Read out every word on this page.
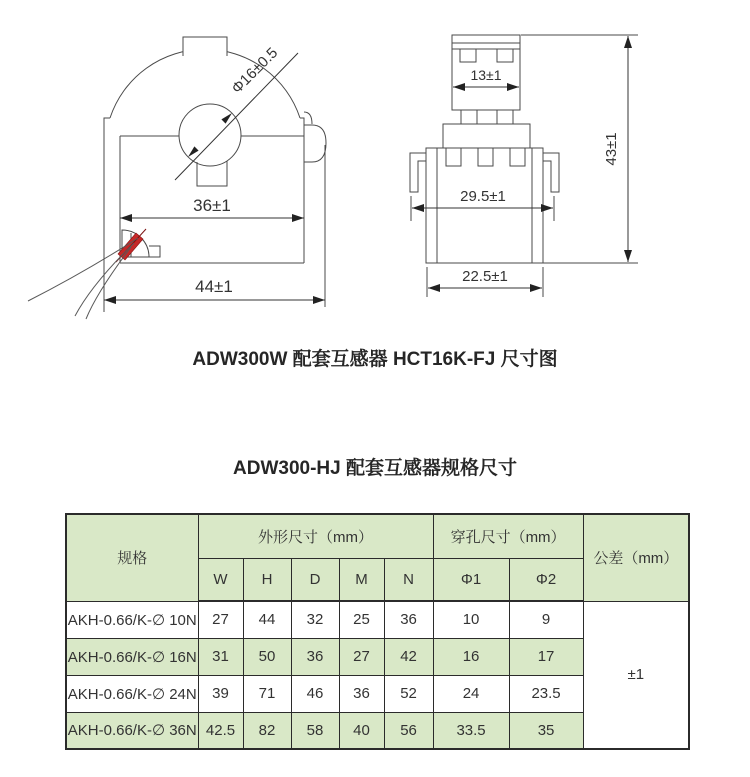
36±1
44±1
Φ16±0.5	13±1
29.5±1
22.5±1
43±1
ADW300W 配套互感器 HCT16K-FJ 尺寸图
ADW300-HJ 配套互感器规格尺寸
规格	外形尺寸（mm）					穿孔尺寸（mm）		公差（mm）
	W	H	D	M	N	Φ1	Φ2	
AKH-0.66/K-∅ 10N	27	44	32	25	36	10	9	±1
AKH-0.66/K-∅ 16N	31	50	36	27	42	16	17	
AKH-0.66/K-∅ 24N	39	71	46	36	52	24	23.5	
AKH-0.66/K-∅ 36N	42.5	82	58	40	56	33.5	35	
